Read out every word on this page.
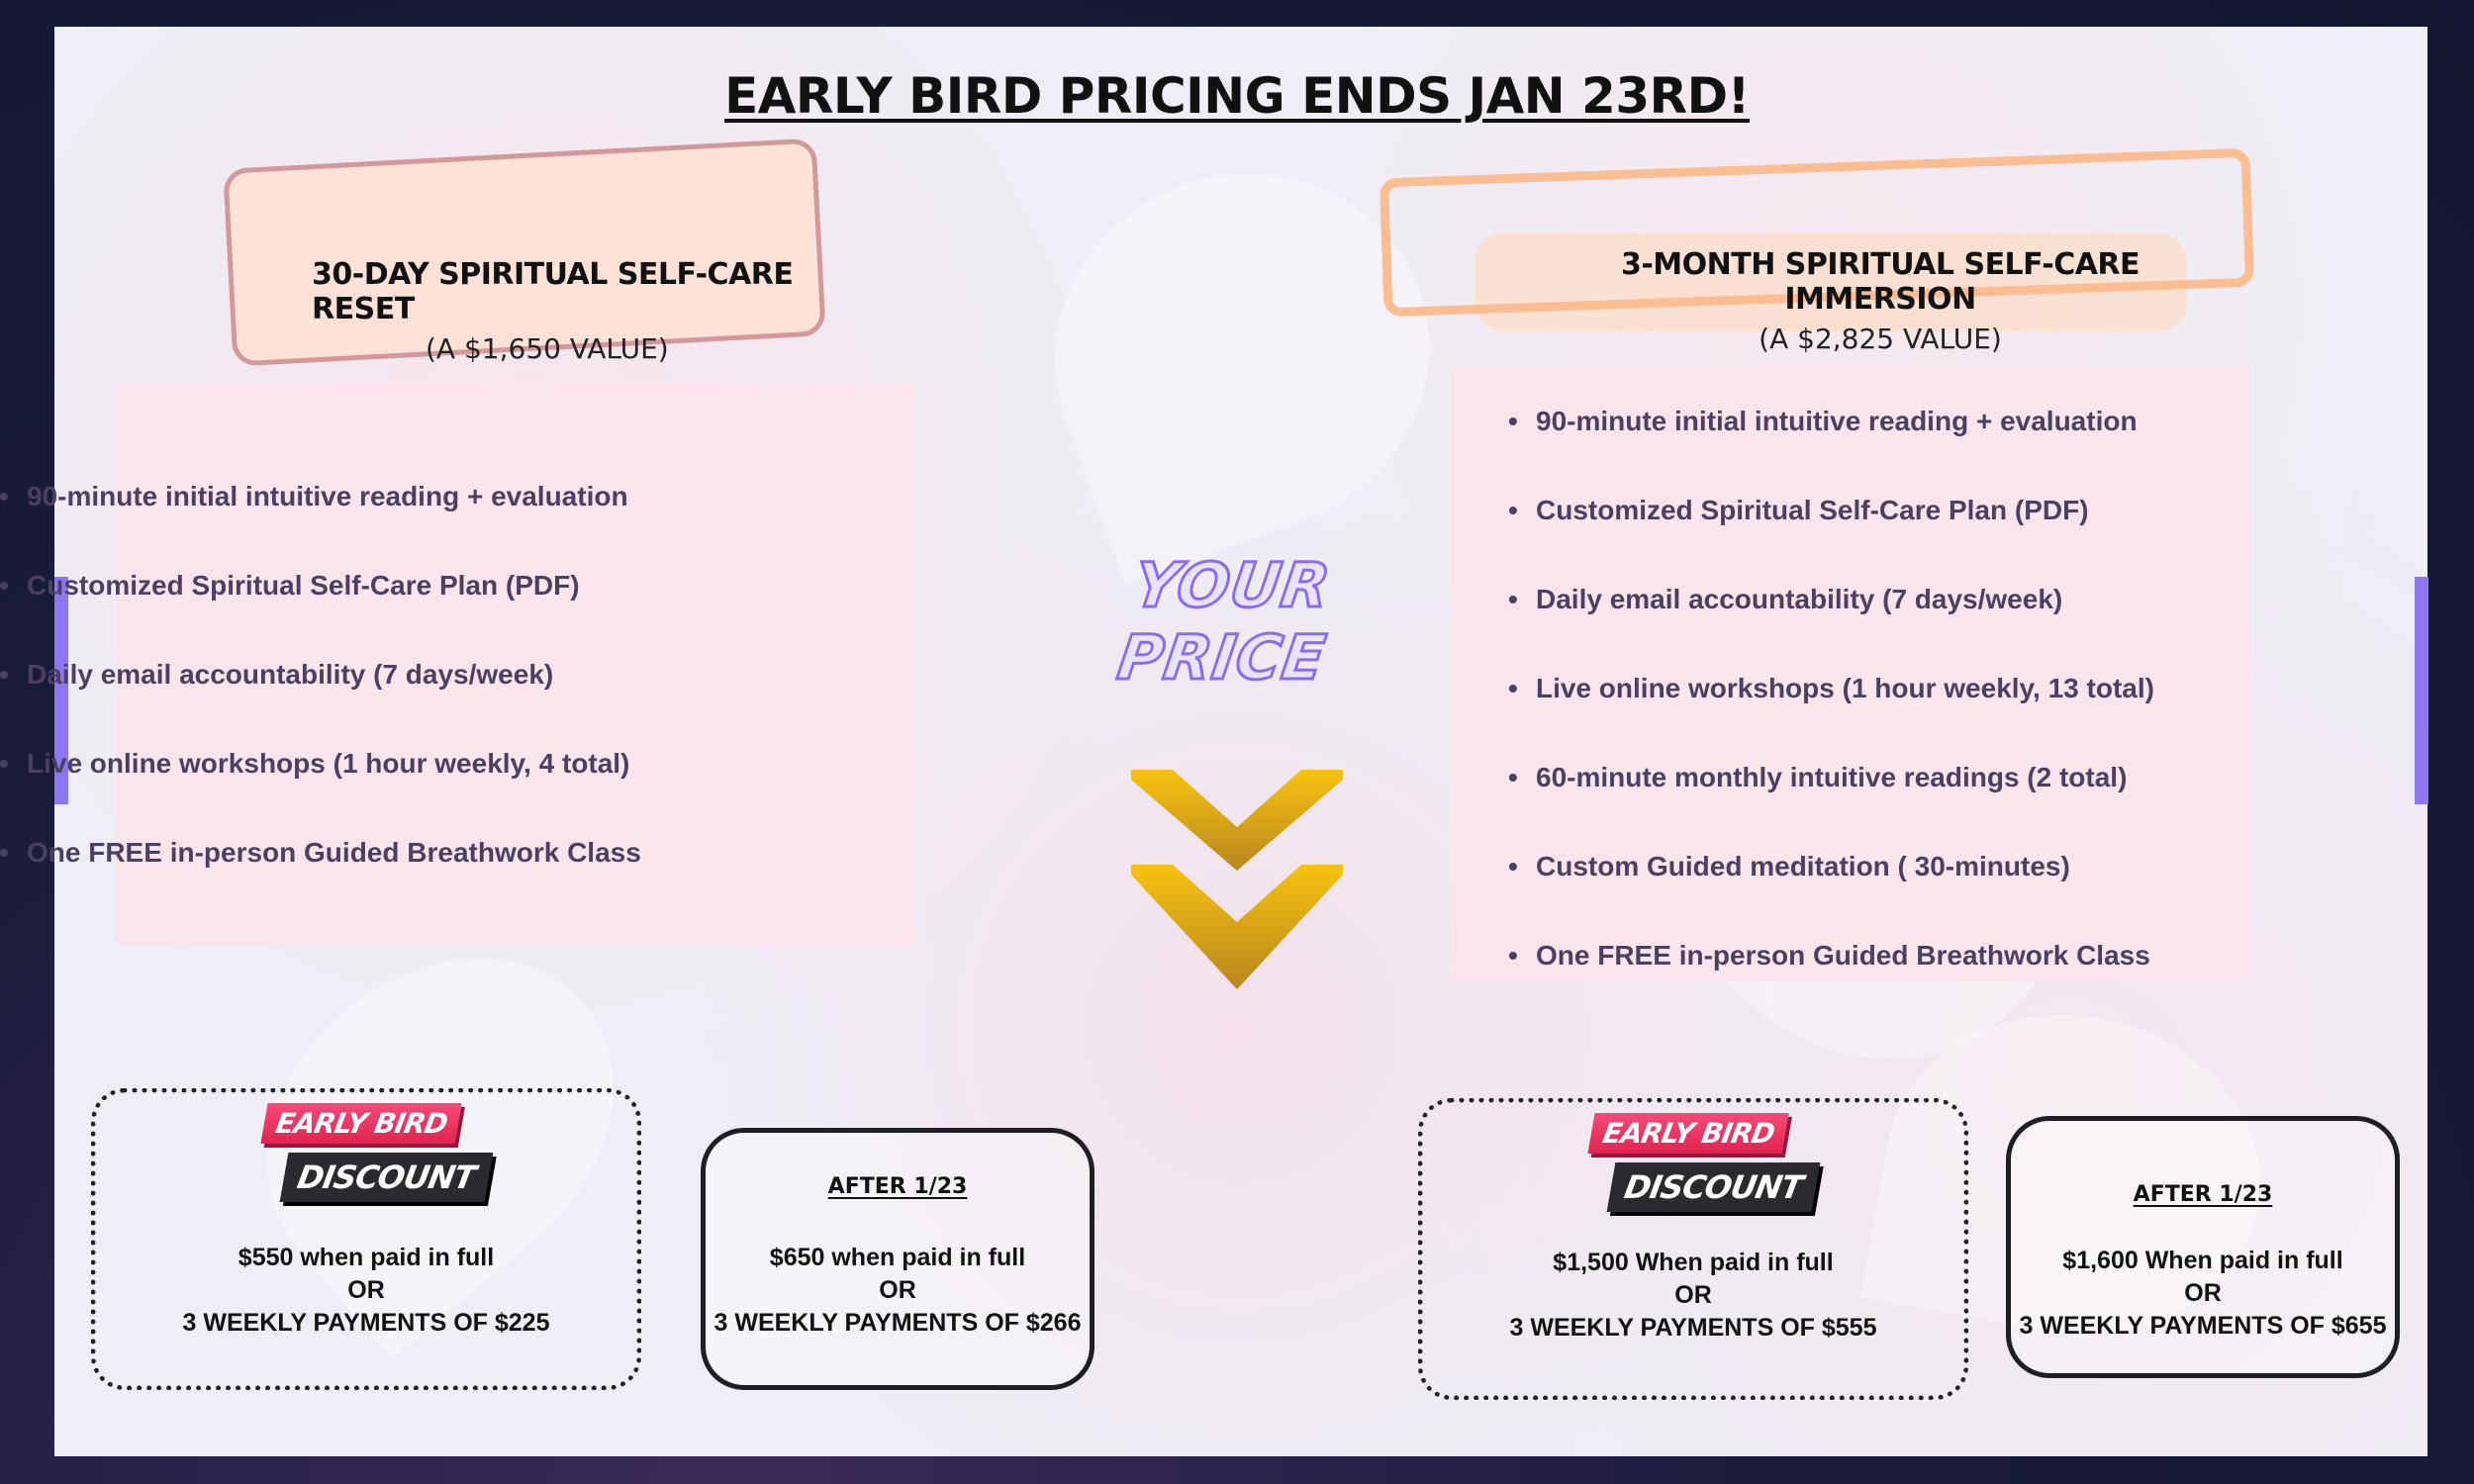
EARLY BIRD PRICING ENDS JAN 23RD!
30-DAY SPIRITUAL SELF-CARE RESET
(A $1,650 VALUE)
3-MONTH SPIRITUAL SELF-CARE IMMERSION
(A $2,825 VALUE)
• 90-minute initial intuitive reading + evaluation
• Customized Spiritual Self-Care Plan (PDF)
• Daily email accountability (7 days/week)
• Live online workshops (1 hour weekly, 4 total)
• One FREE in-person Guided Breathwork Class
• 90-minute initial intuitive reading + evaluation
• Customized Spiritual Self-Care Plan (PDF)
• Daily email accountability (7 days/week)
• Live online workshops (1 hour weekly, 13 total)
• 60-minute monthly intuitive readings (2 total)
• Custom Guided meditation ( 30-minutes)
• One FREE in-person Guided Breathwork Class
YOUR PRICE
EARLY BIRD
DISCOUNT
$550 when paid in full
OR
3 WEEKLY PAYMENTS OF $225
AFTER 1/23
$650 when paid in full
OR
3 WEEKLY PAYMENTS OF $266
EARLY BIRD
DISCOUNT
$1,500 When paid in full
OR
3 WEEKLY PAYMENTS OF $555
AFTER 1/23
$1,600 When paid in full
OR
3 WEEKLY PAYMENTS OF $655
